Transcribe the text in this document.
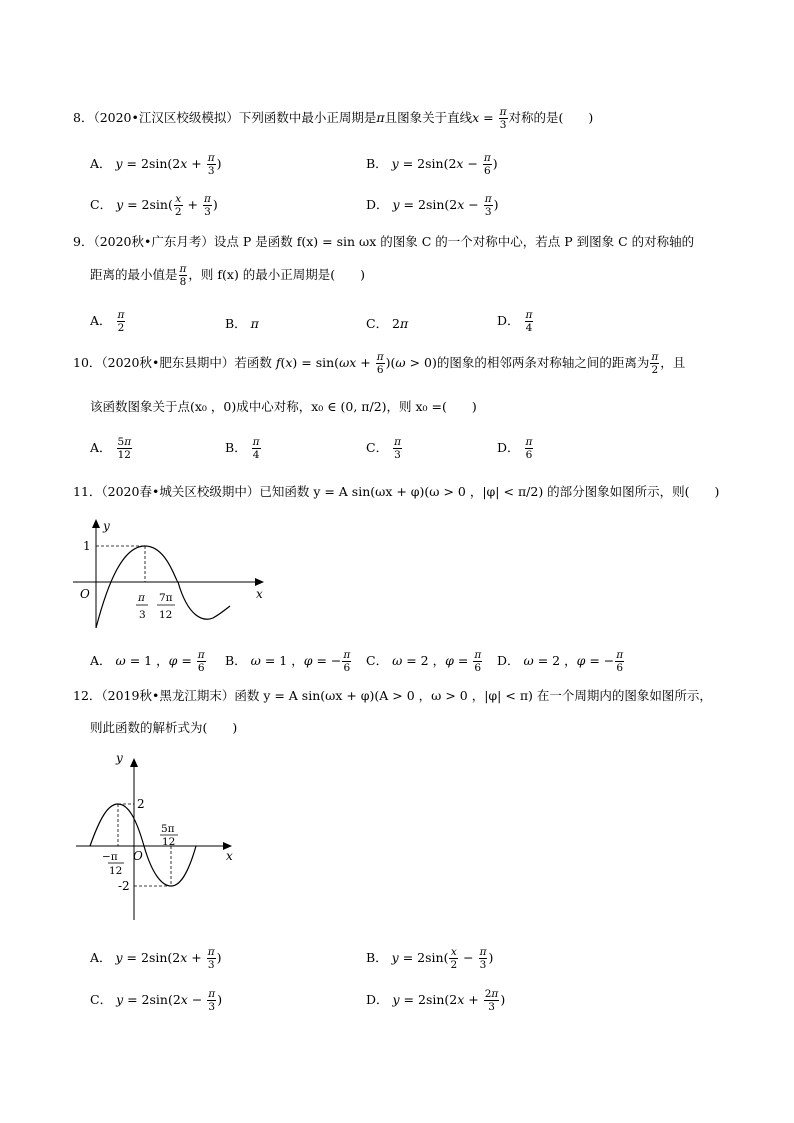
8．（2020•江汉区校级模拟）下列函数中最小正周期是π且图象关于直线$x = \frac{\pi}{3}$ 对称的是(　　)
A． $y = 2\sin(2x + \frac{\pi}{3}$ )	B． $y = 2\sin(2x - \frac{\pi}{6}$ )
C． $y = 2\sin( \frac{x}{2} + \frac{\pi}{3}$ )	D． $y = 2\sin(2x - \frac{\pi}{3}$ )
9．（2020秋•广东月考）设点 P 是函数 f(x) = sin ωx 的图象 C 的一个对称中心，若点 P 到图象 C 的对称轴的
距离的最小值是 $\frac{\pi}{8}$ ，则 f(x) 的最小正周期是(　　)
A． $\frac{\pi}{2}$	B． π	C． 2π	D． $\frac{\pi}{4}$
10．（2020秋•肥东县期中）若函数 $f(x) = \sin(\omega x + \frac{\pi}{6} )(\omega > 0)$的图象的相邻两条对称轴之间的距离为 $\frac{\pi}{2}$ ，且
该函数图象关于点(x₀ ，0)成中心对称，x₀ ∈ (0, π/2)，则 x₀ =(　　)
A． $\frac{5\pi}{12}$	B． $\frac{\pi}{4}$	C． $\frac{\pi}{3}$	D． $\frac{\pi}{6}$
11．（2020春•城关区校级期中）已知函数 y = A sin(ωx + φ)(ω > 0 ，|φ| < π/2) 的部分图象如图所示，则(　　)
y
x
O
1
π
3
7π
12
A． ω = 1 ，$\varphi = \frac{\pi}{6}$ B． ω = 1 ，φ = − $\frac{\pi}{6}$ C． ω = 2 ，$\varphi = \frac{\pi}{6}$ D． ω = 2 ，φ = − $\frac{\pi}{6}$
12．（2019秋•黑龙江期末）函数 y = A sin(ωx + φ)(A > 0 ，ω > 0 ，|φ| < π) 在一个周期内的图象如图所示，
则此函数的解析式为(　　)
y
x
O
2
-2
−π
12
5π
12
A． $y = 2\sin(2x + \frac{\pi}{3}$ )	B． $y = 2\sin( \frac{x}{2} - \frac{\pi}{3}$ )
C． $y = 2\sin(2x - \frac{\pi}{3}$ )	D． $y = 2\sin(2x + \frac{2\pi}{3}$ )
